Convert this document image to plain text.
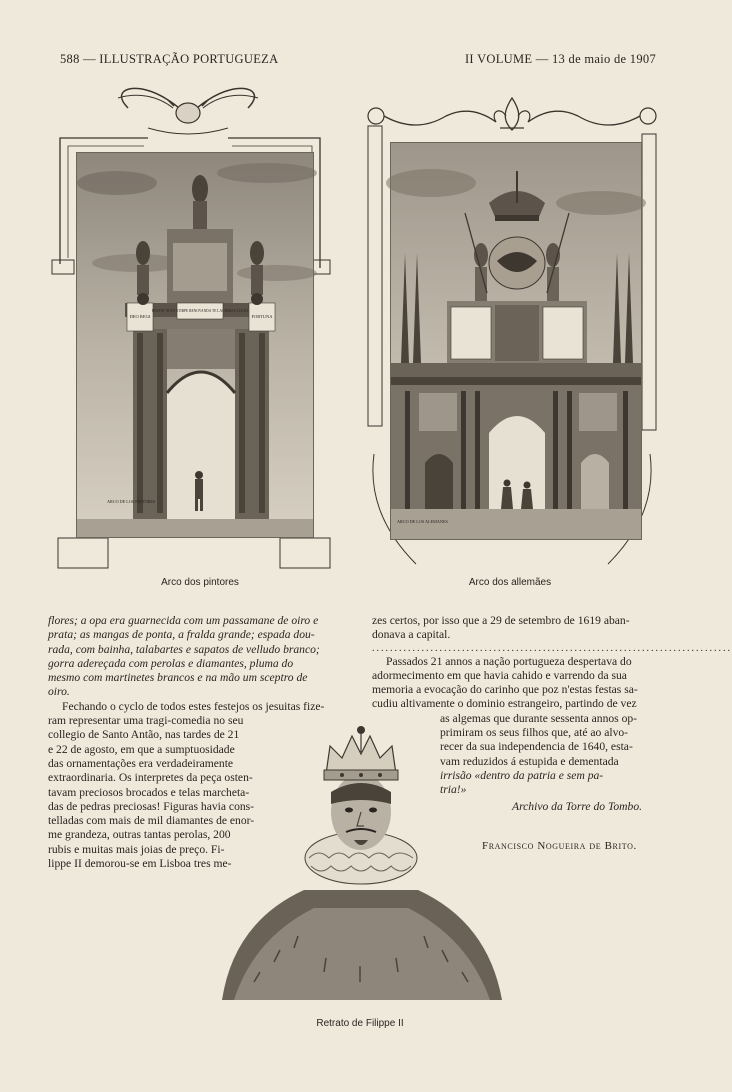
588 — ILLUSTRAÇÃO PORTUGUEZA	II VOLUME — 13 de maio de 1907
RESTAT NOVA STIRPE RENOVANDA TE LACRIMAS LUCES
DEO REGI	FORTUNA
ARCO DE LOS PINTORES
Arco dos pintores
ARCO DE LOS ALEMANES
Arco dos allemães
flores; a opa era guarnecida com um passamane de oiro e
prata; as mangas de ponta, a fralda grande; espada dou-
rada, com bainha, talabartes e sapatos de velludo branco;
gorra adereçada com perolas e diamantes, pluma do
mesmo com martinetes brancos e na mão um sceptro de
oiro.
Fechando o cyclo de todos estes festejos os jesuitas fize-
ram representar uma tragi-comedia no seu
collegio de Santo Antão, nas tardes de 21
e 22 de agosto, em que a sumptuosidade
das ornamentações era verdadeiramente
extraordinaria. Os interpretes da peça osten-
tavam preciosos brocados e telas marcheta-
das de pedras preciosas! Figuras havia cons-
telladas com mais de mil diamantes de enor-
me grandeza, outras tantas perolas, 200
rubis e muitas mais joias de preço. Fi-
lippe II demorou-se em Lisboa tres me-
zes certos, por isso que a 29 de setembro de 1619 aban-
donava a capital.
................................................................................
Passados 21 annos a nação portugueza despertava do
adormecimento em que havia cahido e varrendo da sua
memoria a evocação do carinho que poz n'estas festas sa-
cudiu altivamente o dominio estrangeiro, partindo de vez
as algemas que durante sessenta annos op-
primiram os seus filhos que, até ao alvo-
recer da sua independencia de 1640, esta-
vam reduzidos á estupida e dementada
irrisão «dentro da patria e sem pa-
tria!»
Archivo da Torre do Tombo.
Francisco Nogueira de Brito.
Retrato de Filippe II
